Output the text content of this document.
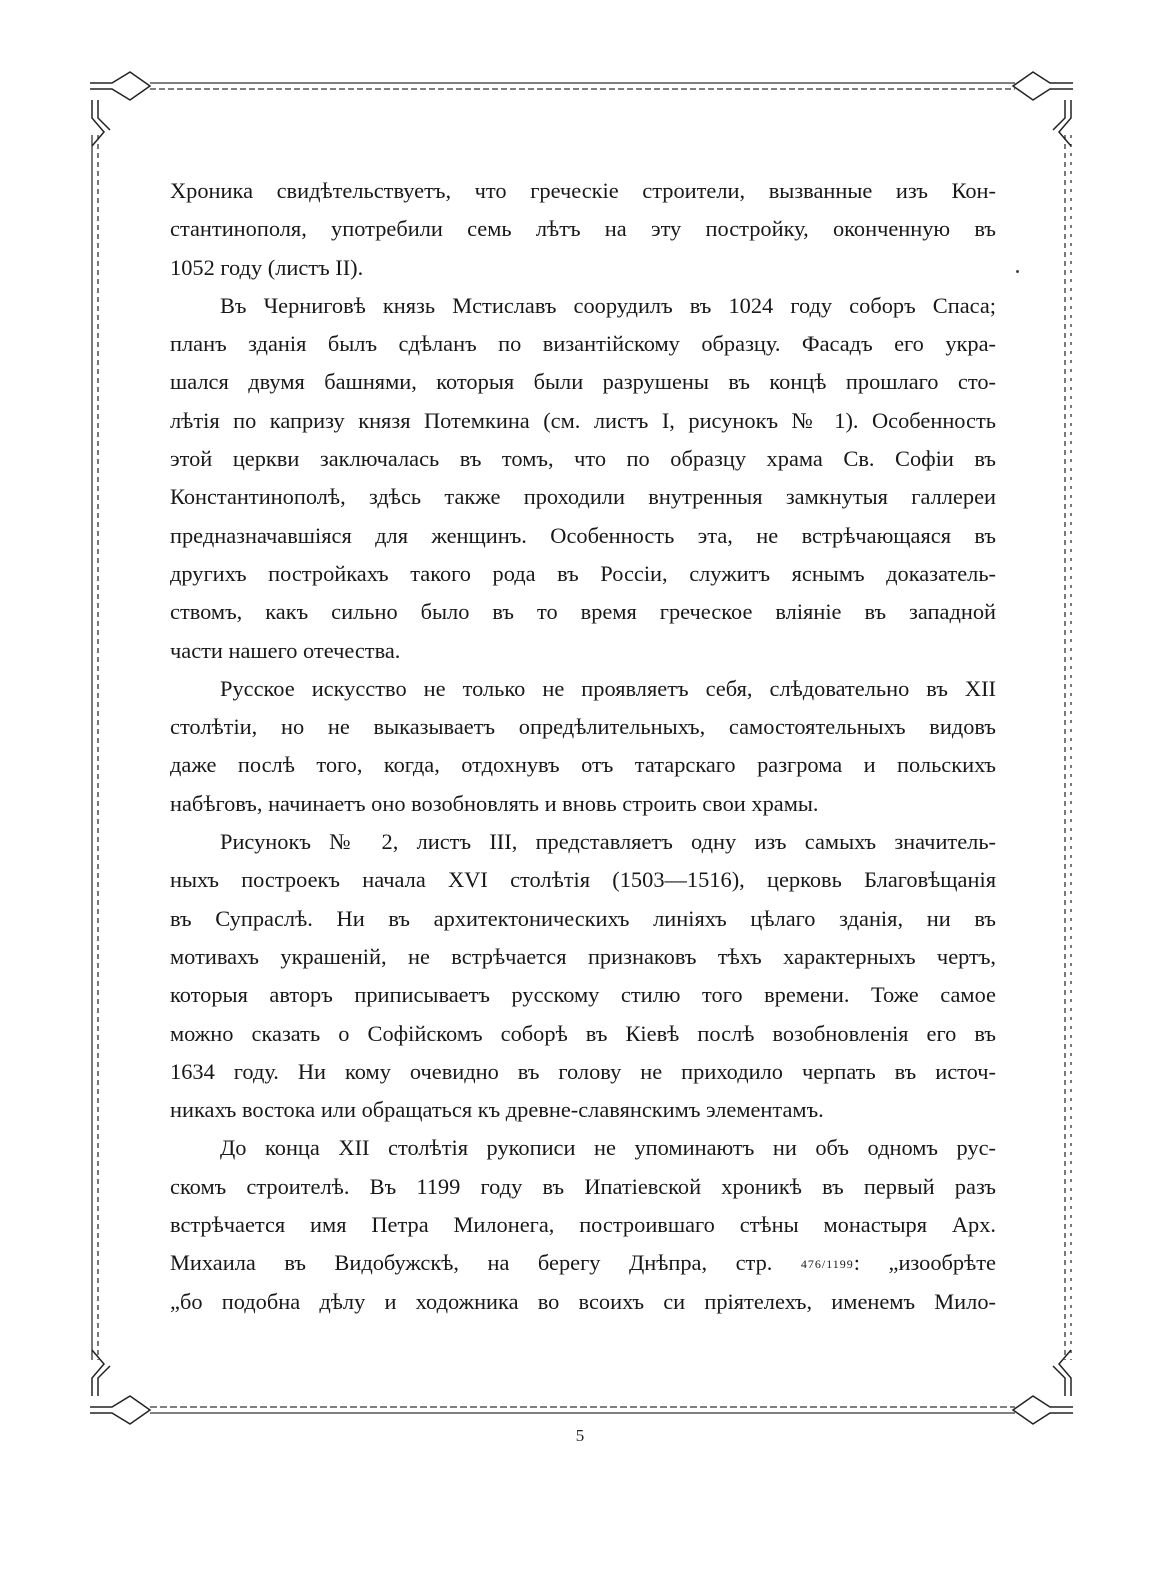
Хроника свидѣтельствуетъ, что греческіе строители, вызванные изъ Кон-
стантинополя, употребили семь лѣтъ на эту постройку, оконченную въ
1052 году (листъ II).

Въ Черниговѣ князь Мстиславъ соорудилъ въ 1024 году соборъ Спаса;
планъ зданія былъ сдѣланъ по византійскому образцу. Фасадъ его укра-
шался двумя башнями, которыя были разрушены въ концѣ прошлаго сто-
лѣтія по капризу князя Потемкина (см. листъ I, рисунокъ № 1). Особенность
этой церкви заключалась въ томъ, что по образцу храма Св. Софіи въ
Константинополѣ, здѣсь также проходили внутренныя замкнутыя галлереи
предназначавшіяся для женщинъ. Особенность эта, не встрѣчающаяся въ
другихъ постройкахъ такого рода въ Россіи, служитъ яснымъ доказатель-
ствомъ, какъ сильно было въ то время греческое вліяніе въ западной
части нашего отечества.

Русское искусство не только не проявляетъ себя, слѣдовательно въ XII
столѣтіи, но не выказываетъ опредѣлительныхъ, самостоятельныхъ видовъ
даже послѣ того, когда, отдохнувъ отъ татарскаго разгрома и польскихъ
набѣговъ, начинаетъ оно возобновлять и вновь строить свои храмы.

Рисунокъ № 2, листъ III, представляетъ одну изъ самыхъ значитель-
ныхъ построекъ начала XVI столѣтія (1503—1516), церковь Благовѣщанія
въ Супраслѣ. Ни въ архитектоническихъ линіяхъ цѣлаго зданія, ни въ
мотивахъ украшеній, не встрѣчается признаковъ тѣхъ характерныхъ чертъ,
которыя авторъ приписываетъ русскому стилю того времени. Тоже самое
можно сказать о Софійскомъ соборѣ въ Кіевѣ послѣ возобновленія его въ
1634 году. Ни кому очевидно въ голову не приходило черпать въ источ-
никахъ востока или обращаться къ древне-славянскимъ элементамъ.

До конца XII столѣтія рукописи не упоминаютъ ни объ одномъ рус-
скомъ строителѣ. Въ 1199 году въ Ипатіевской хроникѣ въ первый разъ
встрѣчается имя Петра Милонега, построившаго стѣны монастыря Арх.
Михаила въ Видобужскѣ, на берегу Днѣпра, стр. 476/1199: „изообрѣте
„бо подобна дѣлу и ходожника во всоихъ си пріятелехъ, именемъ Мило-

5
